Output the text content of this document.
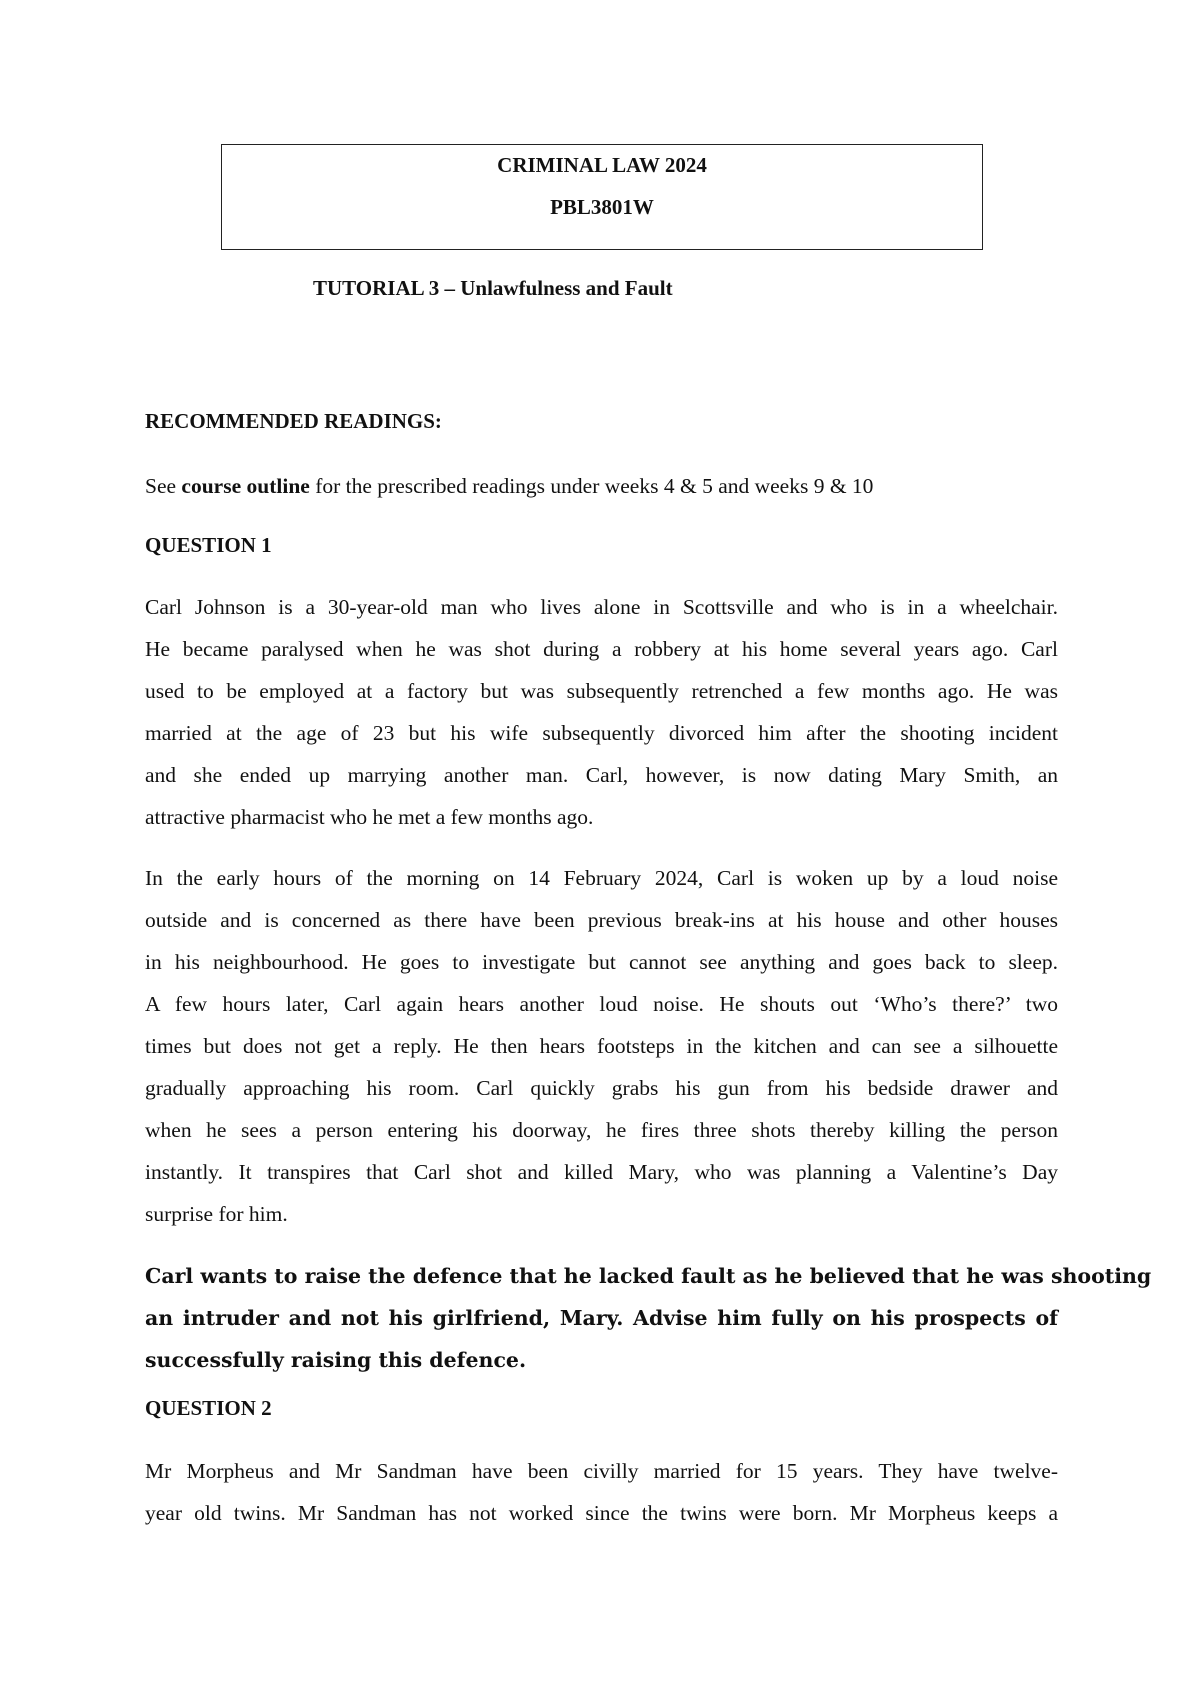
CRIMINAL LAW 2024
PBL3801W
TUTORIAL 3 – Unlawfulness and Fault
RECOMMENDED READINGS:
See course outline for the prescribed readings under weeks 4 & 5 and weeks 9 & 10
QUESTION 1
Carl Johnson is a 30-year-old man who lives alone in Scottsville and who is in a wheelchair.
He became paralysed when he was shot during a robbery at his home several years ago. Carl
used to be employed at a factory but was subsequently retrenched a few months ago. He was
married at the age of 23 but his wife subsequently divorced him after the shooting incident
and she ended up marrying another man. Carl, however, is now dating Mary Smith, an
attractive pharmacist who he met a few months ago.
In the early hours of the morning on 14 February 2024, Carl is woken up by a loud noise
outside and is concerned as there have been previous break-ins at his house and other houses
in his neighbourhood. He goes to investigate but cannot see anything and goes back to sleep.
A few hours later, Carl again hears another loud noise. He shouts out ‘Who’s there?’ two
times but does not get a reply. He then hears footsteps in the kitchen and can see a silhouette
gradually approaching his room. Carl quickly grabs his gun from his bedside drawer and
when he sees a person entering his doorway, he fires three shots thereby killing the person
instantly. It transpires that Carl shot and killed Mary, who was planning a Valentine’s Day
surprise for him.
Carl wants to raise the defence that he lacked fault as he believed that he was shooting
an intruder and not his girlfriend, Mary. Advise him fully on his prospects of
successfully raising this defence.
QUESTION 2
Mr Morpheus and Mr Sandman have been civilly married for 15 years. They have twelve-
year old twins. Mr Sandman has not worked since the twins were born. Mr Morpheus keeps a
